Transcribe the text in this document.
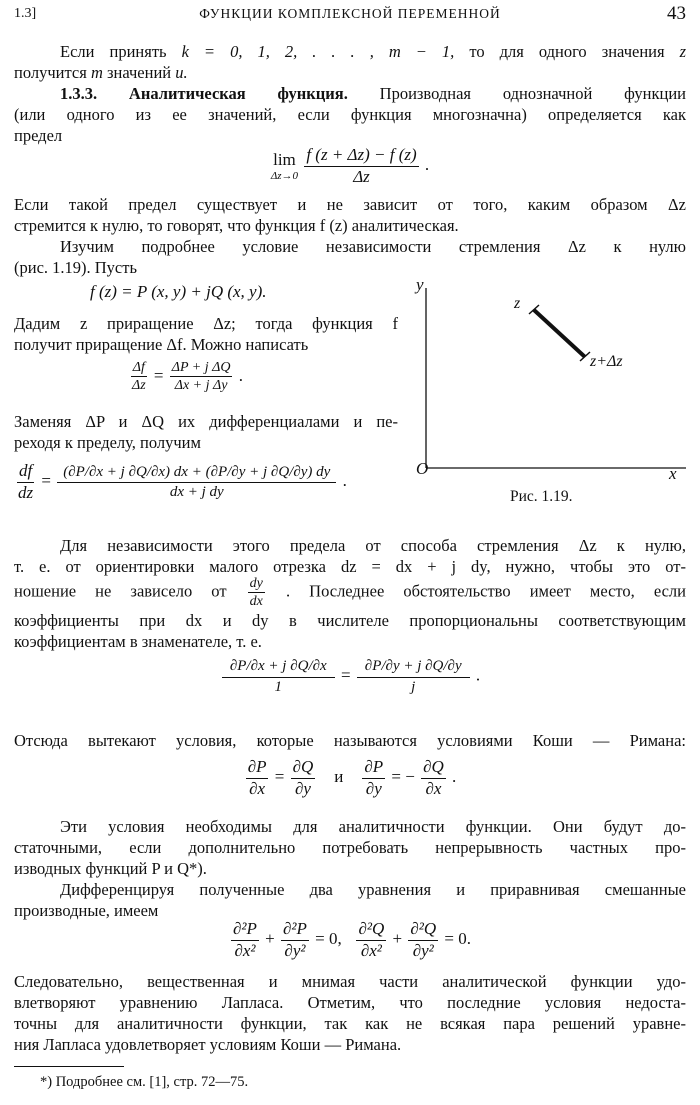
1.3]	ФУНКЦИИ КОМПЛЕКСНОЙ ПЕРЕМЕННОЙ	43
Если принять k = 0, 1, 2, . . . , m − 1, то для одного значения z
получится m значений u.
1.3.3. Аналитическая функция. Производная однозначной функции
(или одного из ее значений, если функция многозначна) определяется как
предел
lim
Δz→0
$\frac{f (z + \Delta z) - f (z)}{\Delta z}$ .
Если такой предел существует и не зависит от того, каким образом Δz
стремится к нулю, то говорят, что функция f (z) аналитическая.
Изучим подробнее условие независимости стремления Δz к нулю
(рис. 1.19). Пусть
f (z) = P (x, y) + jQ (x, y).
Дадим z приращение Δz; тогда функция f
получит приращение Δf. Можно написать
$\frac{\Delta f}{\Delta z} = \frac{\text{ΔP + j ΔQ}}{\text{Δx + j Δy}}$ .
Заменяя ΔP и ΔQ их дифференциалами и пе-
реходя к пределу, получим
$\frac{df}{dz} = \frac{(\partial P/\partial x + j \partial Q/\partial x) dx + (\partial P/\partial y + j \partial Q/\partial y) dy}{\text{dx + j dy}}$ .
y
x
O
z
z+Δz
Рис. 1.19.
Для независимости этого предела от способа стремления Δz к нулю,
т. е. от ориентировки малого отрезка dz = dx + j dy, нужно, чтобы это от-
ношение не зависело от $\frac{dy}{dx}$ . Последнее обстоятельство имеет место, если
коэффициенты при dx и dy в числителе пропорциональны соответствующим
коэффициентам в знаменателе, т. е.
$\frac{\partial P/\partial x + j \partial Q/\partial x}{1} = \frac{\partial P/\partial y + j \partial Q/\partial y}{j}$ .
Отсюда вытекают условия, которые называются условиями Коши — Римана:
$\frac{\partial P}{\partial x} = \frac{\partial Q}{\partial y}$ и $\frac{\partial P}{\partial y}$ = − $\frac{\partial Q}{\partial x}$ .
Эти условия необходимы для аналитичности функции. Они будут до-
статочными, если дополнительно потребовать непрерывность частных про-
изводных функций P и Q*).
Дифференцируя полученные два уравнения и приравнивая смешанные
производные, имеем
$\frac{\text{∂²P}}{\text{∂x²}} + \frac{\text{∂²P}}{\text{∂y²}} = 0$, $\frac{\text{∂²Q}}{\text{∂x²}} + \frac{\text{∂²Q}}{\text{∂y²}} = 0$.
Следовательно, вещественная и мнимая части аналитической функции удо-
влетворяют уравнению Лапласа. Отметим, что последние условия недоста-
точны для аналитичности функции, так как не всякая пара решений уравне-
ния Лапласа удовлетворяет условиям Коши — Римана.
*) Подробнее см. [1], стр. 72—75.
